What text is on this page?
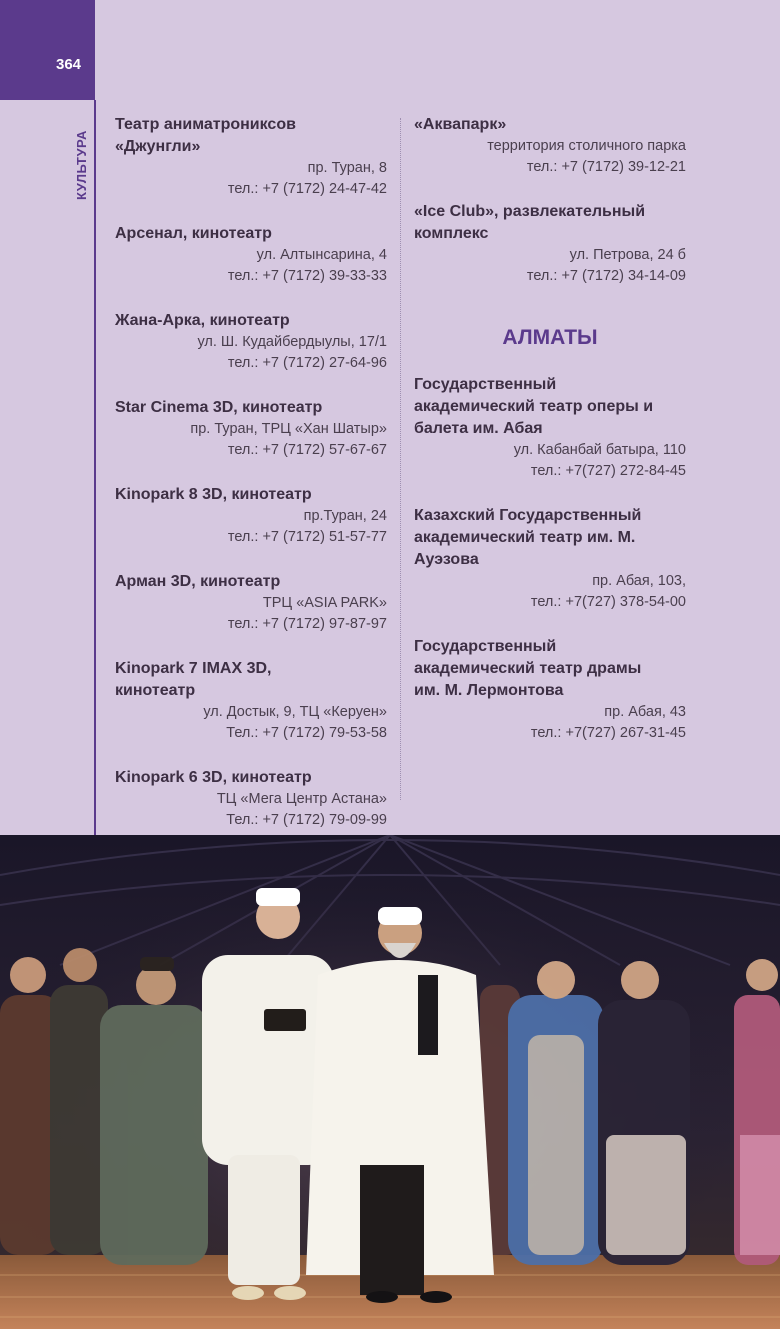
364
КУЛЬТУРА
Театр аниматрониксов
«Джунгли»
пр. Туран, 8
тел.: +7 (7172) 24-47-42
Арсенал, кинотеатр
ул. Алтынсарина, 4
тел.: +7 (7172) 39-33-33
Жана-Арка, кинотеатр
ул. Ш. Кудайбердыулы, 17/1
тел.: +7 (7172) 27-64-96
Star Cinema 3D, кинотеатр
пр. Туран, ТРЦ «Хан Шатыр»
тел.: +7 (7172) 57-67-67
Kinopark 8 3D, кинотеатр
пр.Туран, 24
тел.: +7 (7172) 51-57-77
Арман 3D, кинотеатр
ТРЦ «ASIA PARK»
тел.: +7 (7172) 97-87-97
Kinopark 7 IMAX 3D,
кинотеатр
ул. Достык, 9, ТЦ «Керуен»
Тел.: +7 (7172) 79-53-58
Kinopark 6 3D, кинотеатр
ТЦ «Мега Центр Астана»
Тел.: +7 (7172) 79-09-99
«Аквапарк»
территория столичного парка
тел.: +7 (7172) 39-12-21
«Ice Club», развлекательный
комплекс
ул. Петрова, 24 б
тел.: +7 (7172) 34-14-09
АЛМАТЫ
Государственный
академический театр оперы и
балета им. Абая
ул. Кабанбай батыра, 110
тел.: +7(727) 272-84-45
Казахский Государственный
академический театр им. М.
Ауэзова
пр. Абая, 103,
тел.: +7(727) 378-54-00
Государственный
академический театр драмы
им. М. Лермонтова
пр. Абая, 43
тел.: +7(727) 267-31-45
